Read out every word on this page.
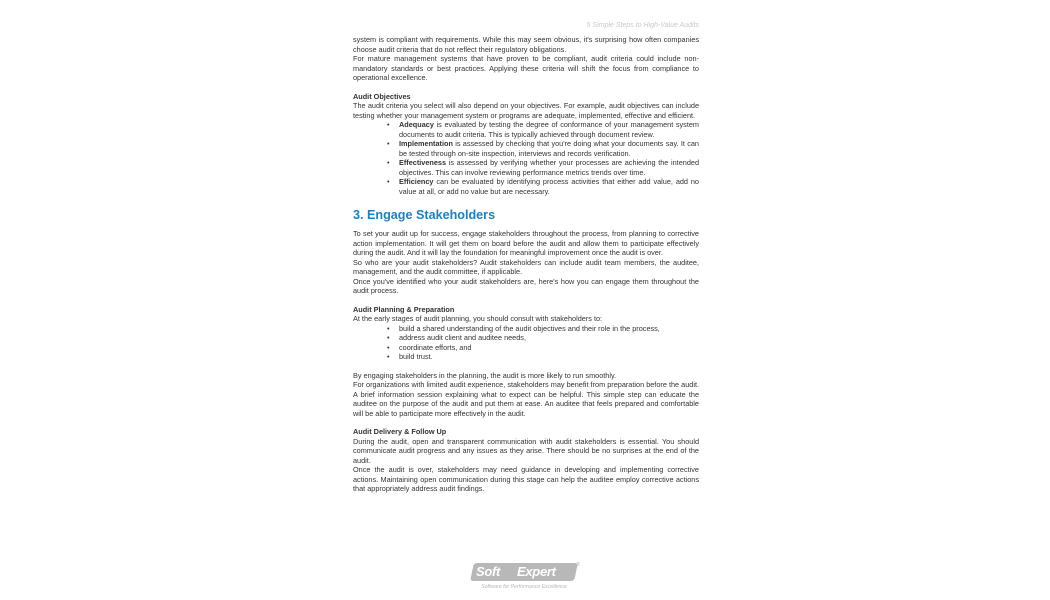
5 Simple Steps to High-Value Audits

system is compliant with requirements. While this may seem obvious, it's surprising how often companies choose audit criteria that do not reflect their regulatory obligations.

For mature management systems that have proven to be compliant, audit criteria could include non-mandatory standards or best practices. Applying these criteria will shift the focus from compliance to operational excellence.

Audit Objectives

The audit criteria you select will also depend on your objectives. For example, audit objectives can include testing whether your management system or programs are adequate, implemented, effective and efficient.

•	Adequacy is evaluated by testing the degree of conformance of your management system documents to audit criteria. This is typically achieved through document review.
•	Implementation is assessed by checking that you're doing what your documents say. It can be tested through on-site inspection, interviews and records verification.
•	Effectiveness is assessed by verifying whether your processes are achieving the intended objectives. This can involve reviewing performance metrics trends over time.
•	Efficiency can be evaluated by identifying process activities that either add value, add no value at all, or add no value but are necessary.
3. Engage Stakeholders

To set your audit up for success, engage stakeholders throughout the process, from planning to corrective action implementation. It will get them on board before the audit and allow them to participate effectively during the audit. And it will lay the foundation for meaningful improvement once the audit is over.

So who are your audit stakeholders? Audit stakeholders can include audit team members, the auditee, management, and the audit committee, if applicable.

Once you've identified who your audit stakeholders are, here's how you can engage them throughout the audit process.

Audit Planning & Preparation

At the early stages of audit planning, you should consult with stakeholders to:

•	build a shared understanding of the audit objectives and their role in the process,
•	address audit client and auditee needs,
•	coordinate efforts, and
•	build trust.

By engaging stakeholders in the planning, the audit is more likely to run smoothly.

For organizations with limited audit experience, stakeholders may benefit from preparation before the audit. A brief information session explaining what to expect can be helpful. This simple step can educate the auditee on the purpose of the audit and put them at ease. An auditee that feels prepared and comfortable will be able to participate more effectively in the audit.

Audit Delivery & Follow Up

During the audit, open and transparent communication with audit stakeholders is essential. You should communicate audit progress and any issues as they arise. There should be no surprises at the end of the audit.

Once the audit is over, stakeholders may need guidance in developing and implementing corrective actions. Maintaining open communication during this stage can help the auditee employ corrective actions that appropriately address audit findings.

Soft Expert	®
Software for Performance Excellence
